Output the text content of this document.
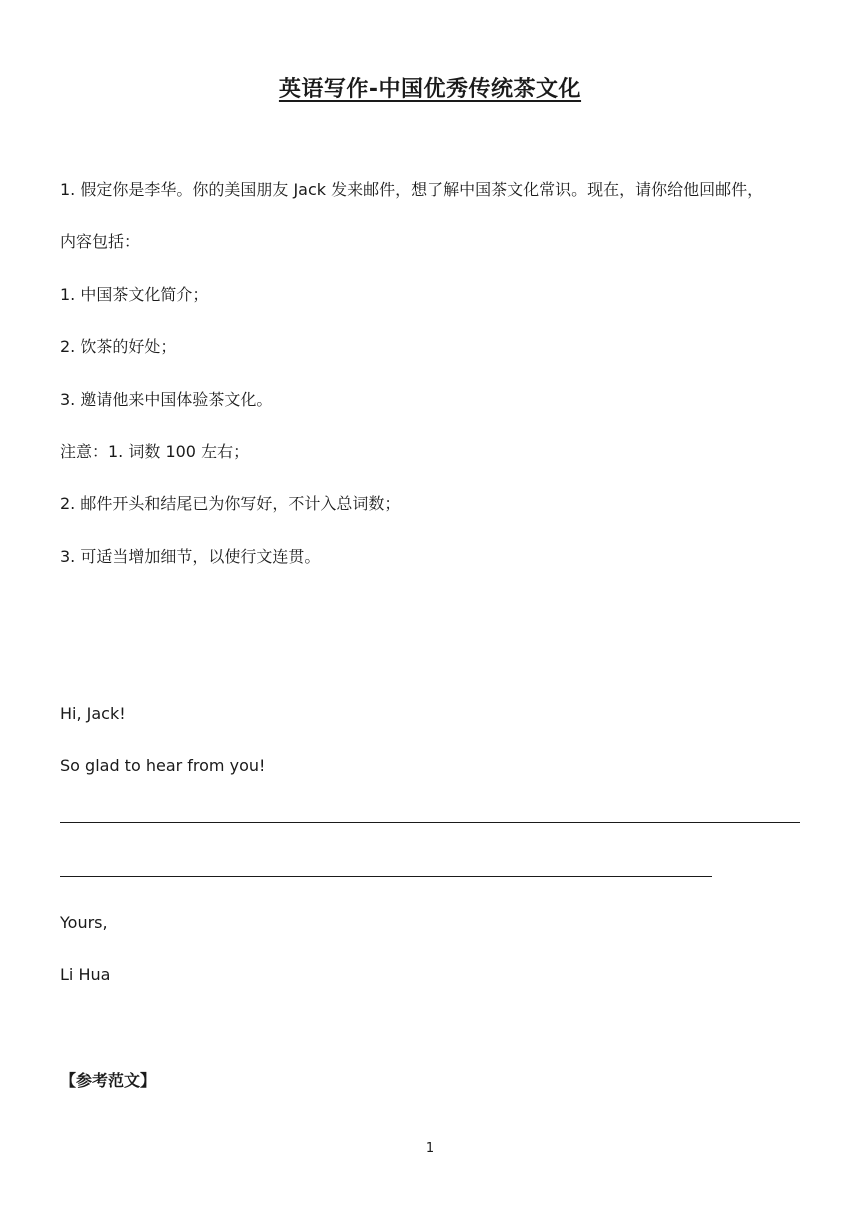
英语写作-中国优秀传统茶文化
1. 假定你是李华。你的美国朋友 Jack 发来邮件，想了解中国茶文化常识。现在，请你给他回邮件，
内容包括：
1. 中国茶文化简介；
2. 饮茶的好处；
3. 邀请他来中国体验茶文化。
注意：1. 词数 100 左右；
2. 邮件开头和结尾已为你写好，不计入总词数；
3. 可适当增加细节，以使行文连贯。
Hi, Jack!
So glad to hear from you!
Yours,
Li Hua
【参考范文】
1
